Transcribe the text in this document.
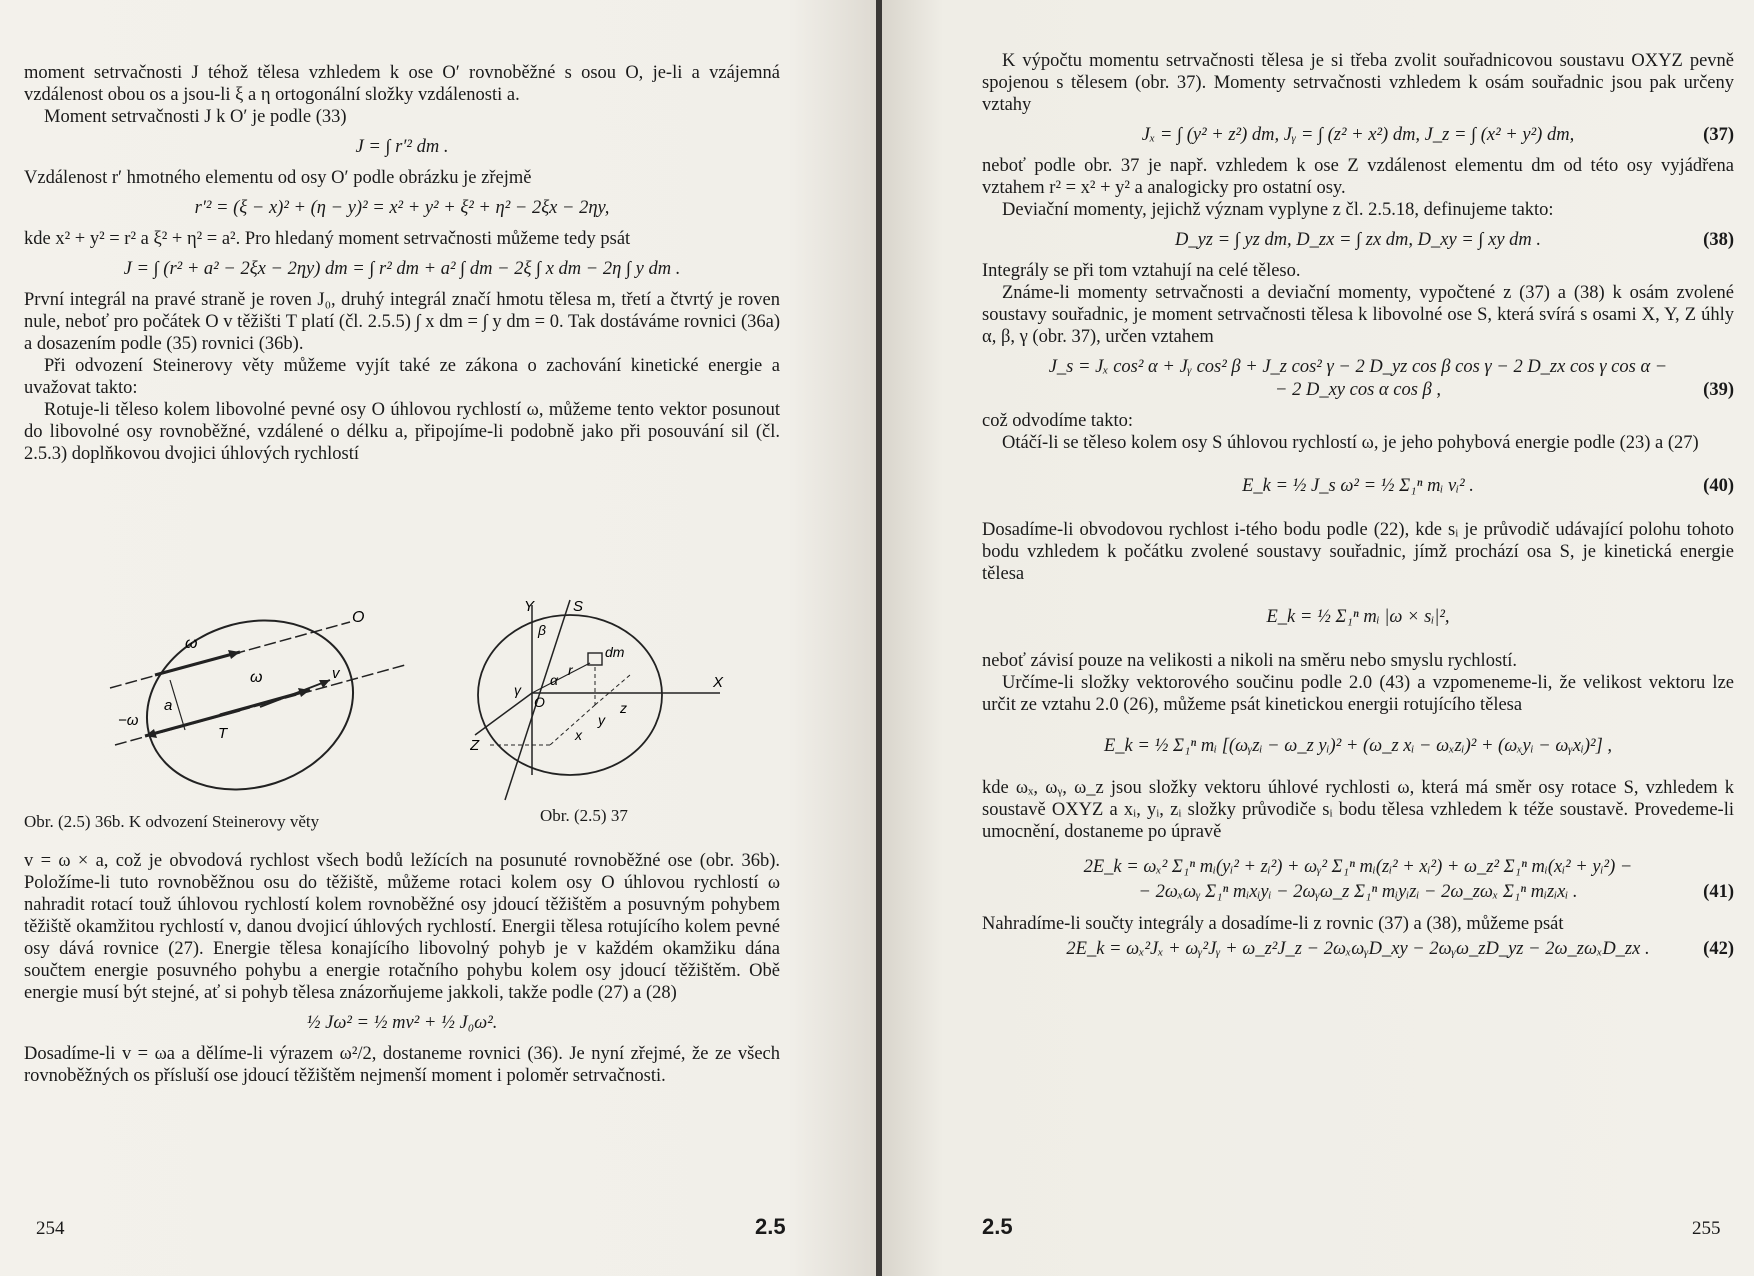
moment setrvačnosti J téhož tělesa vzhledem k ose O′ rovnoběžné s osou O, je-li a vzájemná vzdálenost obou os a jsou-li ξ a η ortogonální složky vzdálenosti a.

Moment setrvačnosti J k O′ je podle (33)

J = ∫ r′² dm .

Vzdálenost r′ hmotného elementu od osy O′ podle obrázku je zřejmě

r′² = (ξ − x)² + (η − y)² = x² + y² + ξ² + η² − 2ξx − 2ηy,

kde x² + y² = r² a ξ² + η² = a². Pro hledaný moment setrvačnosti můžeme tedy psát

J = ∫ (r² + a² − 2ξx − 2ηy) dm = ∫ r² dm + a² ∫ dm − 2ξ ∫ x dm − 2η ∫ y dm .

První integrál na pravé straně je roven J₀, druhý integrál značí hmotu tělesa m, třetí a čtvrtý je roven nule, neboť pro počátek O v těžišti T platí (čl. 2.5.5) ∫ x dm = ∫ y dm = 0. Tak dostáváme rovnici (36a) a dosazením podle (35) rovnici (36b).

Při odvození Steinerovy věty můžeme vyjít také ze zákona o zachování kinetické energie a uvažovat takto:

Rotuje-li těleso kolem libovolné pevné osy O úhlovou rychlostí ω, můžeme tento vektor posunout do libovolné osy rovnoběžné, vzdálené o délku a, připojíme-li podobně jako při posouvání sil (čl. 2.5.3) doplňkovou dvojici úhlových rychlostí

ω
O
ω
a
−ω
T
v
Y	S
β
α
r
dm
X
γ
O
y
z
x
Z
Obr. (2.5) 36b. K odvození Steinerovy věty	Obr. (2.5) 37

v = ω × a, což je obvodová rychlost všech bodů ležících na posunuté rovnoběžné ose (obr. 36b). Položíme-li tuto rovnoběžnou osu do těžiště, můžeme rotaci kolem osy O úhlovou rychlostí ω nahradit rotací touž úhlovou rychlostí kolem rovnoběžné osy jdoucí těžištěm a posuvným pohybem těžiště okamžitou rychlostí v, danou dvojicí úhlových rychlostí. Energii tělesa rotujícího kolem pevné osy dává rovnice (27). Energie tělesa konajícího libovolný pohyb je v každém okamžiku dána součtem energie posuvného pohybu a energie rotačního pohybu kolem osy jdoucí těžištěm. Obě energie musí být stejné, ať si pohyb tělesa znázorňujeme jakkoli, takže podle (27) a (28)

½ Jω² = ½ mv² + ½ J₀ω².

Dosadíme-li v = ωa a dělíme-li výrazem ω²/2, dostaneme rovnici (36). Je nyní zřejmé, že ze všech rovnoběžných os přísluší ose jdoucí těžištěm nejmenší moment i poloměr setrvačnosti.

254	2.5

K výpočtu momentu setrvačnosti tělesa je si třeba zvolit souřadnicovou soustavu OXYZ pevně spojenou s tělesem (obr. 37). Momenty setrvačnosti vzhledem k osám souřadnic jsou pak určeny vztahy

Jₓ = ∫ (y² + z²) dm, Jᵧ = ∫ (z² + x²) dm, J_z = ∫ (x² + y²) dm,	(37)

neboť podle obr. 37 je např. vzhledem k ose Z vzdálenost elementu dm od této osy vyjádřena vztahem r² = x² + y² a analogicky pro ostatní osy.

Deviační momenty, jejichž význam vyplyne z čl. 2.5.18, definujeme takto:

D_yz = ∫ yz dm, D_zx = ∫ zx dm, D_xy = ∫ xy dm .	(38)

Integrály se při tom vztahují na celé těleso.

Známe-li momenty setrvačnosti a deviační momenty, vypočtené z (37) a (38) k osám zvolené soustavy souřadnic, je moment setrvačnosti tělesa k libovolné ose S, která svírá s osami X, Y, Z úhly α, β, γ (obr. 37), určen vztahem

J_s = Jₓ cos² α + Jᵧ cos² β + J_z cos² γ − 2 D_yz cos β cos γ − 2 D_zx cos γ cos α −
− 2 D_xy cos α cos β ,	(39)

což odvodíme takto:

Otáčí-li se těleso kolem osy S úhlovou rychlostí ω, je jeho pohybová energie podle (23) a (27)

E_k = ½ J_s ω² = ½ Σ₁ⁿ mᵢ vᵢ² .	(40)

Dosadíme-li obvodovou rychlost i-tého bodu podle (22), kde sᵢ je průvodič udávající polohu tohoto bodu vzhledem k počátku zvolené soustavy souřadnic, jímž prochází osa S, je kinetická energie tělesa

E_k = ½ Σ₁ⁿ mᵢ |ω × sᵢ|²,

neboť závisí pouze na velikosti a nikoli na směru nebo smyslu rychlostí.

Určíme-li složky vektorového součinu podle 2.0 (43) a vzpomeneme-li, že velikost vektoru lze určit ze vztahu 2.0 (26), můžeme psát kinetickou energii rotujícího tělesa

E_k = ½ Σ₁ⁿ mᵢ [(ωᵧzᵢ − ω_z yᵢ)² + (ω_z xᵢ − ωₓzᵢ)² + (ωₓyᵢ − ωᵧxᵢ)²] ,

kde ωₓ, ωᵧ, ω_z jsou složky vektoru úhlové rychlosti ω, která má směr osy rotace S, vzhledem k soustavě OXYZ a xᵢ, yᵢ, zᵢ složky průvodiče sᵢ bodu tělesa vzhledem k téže soustavě. Provedeme-li umocnění, dostaneme po úpravě

2E_k = ωₓ² Σ₁ⁿ mᵢ(yᵢ² + zᵢ²) + ωᵧ² Σ₁ⁿ mᵢ(zᵢ² + xᵢ²) + ω_z² Σ₁ⁿ mᵢ(xᵢ² + yᵢ²) −
− 2ωₓωᵧ Σ₁ⁿ mᵢxᵢyᵢ − 2ωᵧω_z Σ₁ⁿ mᵢyᵢzᵢ − 2ω_zωₓ Σ₁ⁿ mᵢzᵢxᵢ .	(41)

Nahradíme-li součty integrály a dosadíme-li z rovnic (37) a (38), můžeme psát

2E_k = ωₓ²Jₓ + ωᵧ²Jᵧ + ω_z²J_z − 2ωₓωᵧD_xy − 2ωᵧω_zD_yz − 2ω_zωₓD_zx .	(42)
2.5	255
